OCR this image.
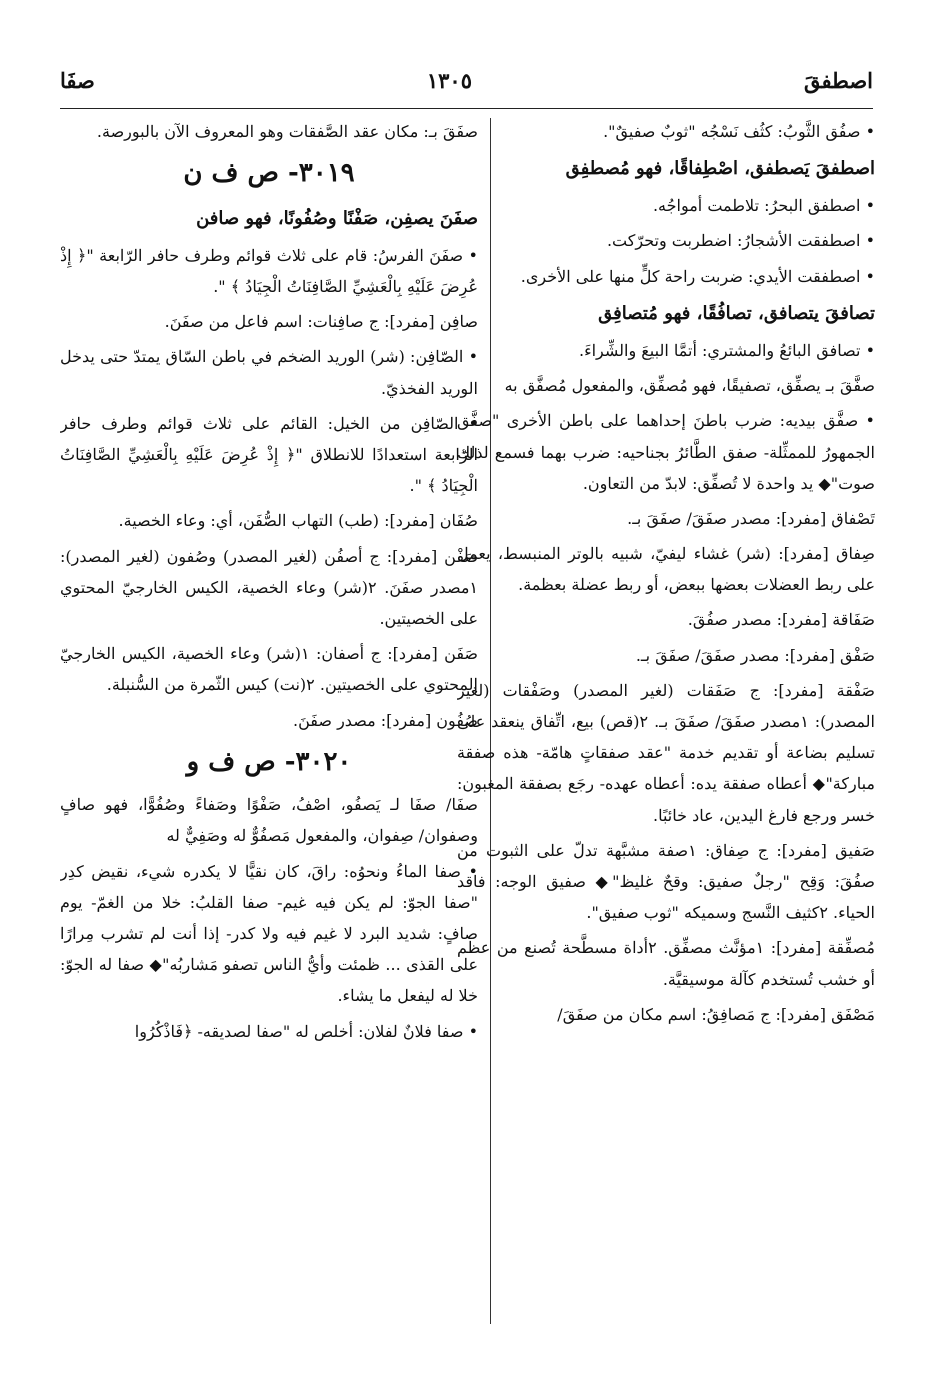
اصطفقَ
١٣٠٥
صفَا

• صفُق الثَّوبُ: كثُف نَسْجُه "ثوبٌ صفيقٌ".

اصطفقَ يَصطفق، اصْطِفاقًا، فهو مُصطفِق

• اصطفق البحرُ: تلاطمت أمواجُه.

• اصطفقت الأشجارُ: اضطربت وتحرّكت.

• اصطفقت الأيدي: ضربت راحة كلٍّ منها على الأخرى.

تصافقَ يتصافق، تصافُقًا، فهو مُتصافِق

• تصافق البائعُ والمشتري: أتمَّا البيعَ والشِّراءَ.

صفَّقَ بـ يصفِّق، تصفيقًا، فهو مُصفِّق، والمفعول مُصفَّق به

• صفَّق بيديه: ضرب باطنَ إحداهما على باطن الأخرى "صفَّق الجمهورُ للممثِّلة- صفق الطَّائرُ بجناحيه: ضرب بهما فسمع لذلك صوت"◆ يد واحدة لا تُصفِّق: لابدّ من التعاون.

تَصْفاق [مفرد]: مصدر صفَقَ/ صفَقَ بـ.

صِفاق [مفرد]: (شر) غشاء ليفيّ، شبيه بالوتر المنبسط، يعمل على ربط العضلات بعضها ببعض، أو ربط عضلة بعظمة.

صَفَاقة [مفرد]: مصدر صفُقَ.

صَفْق [مفرد]: مصدر صفَقَ/ صفَقَ بـ.

صَفْقة [مفرد]: ج صَفَقات (لغير المصدر) وصَفْقات (لغير المصدر): ١مصدر صفَقَ/ صفَقَ بـ. ٢(قص) بيع، اتِّفاق ينعقد على تسليم بضاعة أو تقديم خدمة "عقد صفقاتٍ هامّة- هذه صفقة مباركة"◆ أعطاه صفقة يده: أعطاه عهده- رجَع بصفقة المغبون: خسر ورجع فارغ اليدين، عاد خائبًا.

صَفيق [مفرد]: ج صِفاق: ١صفة مشبَّهة تدلّ على الثبوت من صفُقَ: وَقِح "رجلٌ صفيق: وقحٌ غليظ"◆ صفيق الوجه: فاقد الحياء. ٢كثيف النَّسج وسميكه "ثوب صفيق".

مُصفِّقة [مفرد]: ١مؤنَّث مصفِّق. ٢أداة مسطَّحة تُصنع من عظم أو خشب تُستخدم كآلة موسيقيَّة.

مَصْفَق [مفرد]: ج مَصافِقُ: اسم مكان من صفَقَ/

صفَقَ بـ: مكان عقد الصَّفقات وهو المعروف الآن بالبورصة.

٣٠١٩- ص ف ن

صفَنَ يصفِن، صَفْنًا وصُفُونًا، فهو صافن

• صفَنَ الفرسُ: قام على ثلاث قوائم وطرف حافر الرّابعة "﴿ إِذْ عُرِضَ عَلَيْهِ بِالْعَشِيِّ الصَّافِنَاتُ الْجِيَادُ ﴾ ".

صافِن [مفرد]: ج صافِنات: اسم فاعل من صفَنَ.

• الصّافِن: (شر) الوريد الضخم في باطن السّاق يمتدّ حتى يدخل الوريد الفخذيّ.

• الصّافِن من الخيل: القائم على ثلاث قوائم وطرف حافر الرّابعة استعدادًا للانطلاق "﴿ إِذْ عُرِضَ عَلَيْهِ بِالْعَشِيِّ الصَّافِنَاتُ الْجِيَادُ ﴾ ".

صُفَان [مفرد]: (طب) التهاب الصُّفَن، أي: وعاء الخصية.

صَفْن [مفرد]: ج أصفُن (لغير المصدر) وصُفون (لغير المصدر): ١مصدر صفَنَ. ٢(شر) وعاء الخصية، الكيس الخارجيّ المحتوي على الخصيتين.

صَفَن [مفرد]: ج أصفان: ١(شر) وعاء الخصية، الكيس الخارجيّ المحتوي على الخصيتين. ٢(نت) كيس الثّمرة من السُّنبلة.

صُفُون [مفرد]: مصدر صفَنَ.

٣٠٢٠- ص ف و

صفَا/ صفَا لـ يَصفُو، اصْفُ، صَفْوًا وصَفاءً وصُفُوًّا، فهو صافٍ وصفوان/ صِفوان، والمفعول مَصفُوٌّ له وصَفِيٌّ له

• صفا الماءُ ونحوُه: راقَ، كان نقيًّا لا يكدره شيء، نقيض كدِر "صفا الجوّ: لم يكن فيه غيم- صفا القلبُ: خلا من الغمّ- يوم صافٍ: شديد البرد لا غيم فيه ولا كدر- إذا أنت لم تشرب مِرارًا على القذى ... ظمئت وأيُّ الناس تصفو مَشاربُه"◆ صفا له الجوّ: خلا له ليفعل ما يشاء.

• صفا فلانٌ لفلان: أخلص له "صفا لصديقه- ﴿فَاذْكُرُوا
